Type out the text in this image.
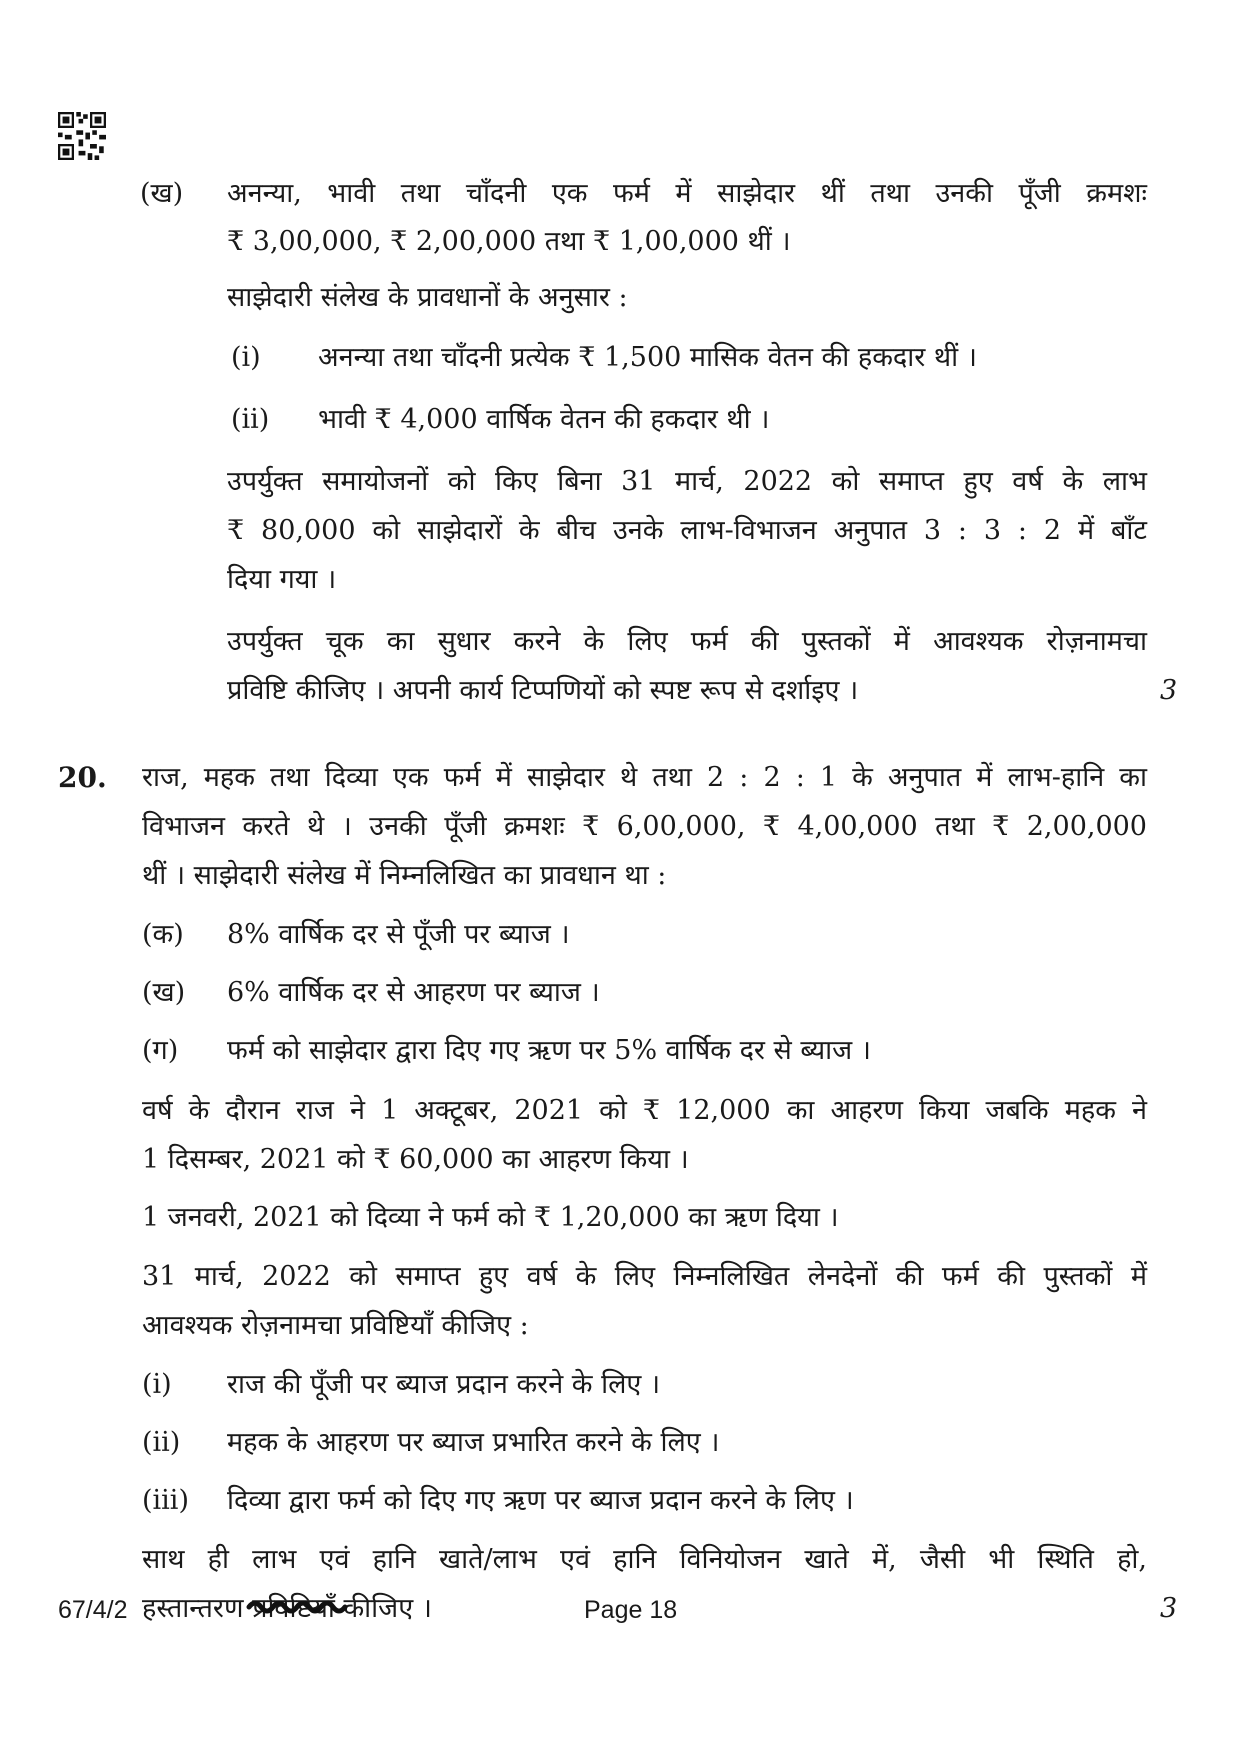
(ख) अनन्या, भावी तथा चाँदनी एक फर्म में साझेदार थीं तथा उनकी पूँजी क्रमशः
₹ 3,00,000, ₹ 2,00,000 तथा ₹ 1,00,000 थीं ।
साझेदारी संलेख के प्रावधानों के अनुसार :
(i) अनन्या तथा चाँदनी प्रत्येक ₹ 1,500 मासिक वेतन की हकदार थीं ।
(ii) भावी ₹ 4,000 वार्षिक वेतन की हकदार थी ।
उपर्युक्त समायोजनों को किए बिना 31 मार्च, 2022 को समाप्त हुए वर्ष के लाभ
₹ 80,000 को साझेदारों के बीच उनके लाभ-विभाजन अनुपात 3 : 3 : 2 में बाँट
दिया गया ।
उपर्युक्त चूक का सुधार करने के लिए फर्म की पुस्तकों में आवश्यक रोज़नामचा
प्रविष्टि कीजिए । अपनी कार्य टिप्पणियों को स्पष्ट रूप से दर्शाइए ।	3
20. राज, महक तथा दिव्या एक फर्म में साझेदार थे तथा 2 : 2 : 1 के अनुपात में लाभ-हानि का
विभाजन करते थे । उनकी पूँजी क्रमशः ₹ 6,00,000, ₹ 4,00,000 तथा ₹ 2,00,000
थीं । साझेदारी संलेख में निम्नलिखित का प्रावधान था :
(क) 8% वार्षिक दर से पूँजी पर ब्याज ।
(ख) 6% वार्षिक दर से आहरण पर ब्याज ।
(ग) फर्म को साझेदार द्वारा दिए गए ऋण पर 5% वार्षिक दर से ब्याज ।
वर्ष के दौरान राज ने 1 अक्टूबर, 2021 को ₹ 12,000 का आहरण किया जबकि महक ने
1 दिसम्बर, 2021 को ₹ 60,000 का आहरण किया ।
1 जनवरी, 2021 को दिव्या ने फर्म को ₹ 1,20,000 का ऋण दिया ।
31 मार्च, 2022 को समाप्त हुए वर्ष के लिए निम्नलिखित लेनदेनों की फर्म की पुस्तकों में
आवश्यक रोज़नामचा प्रविष्टियाँ कीजिए :
(i) राज की पूँजी पर ब्याज प्रदान करने के लिए ।
(ii) महक के आहरण पर ब्याज प्रभारित करने के लिए ।
(iii) दिव्या द्वारा फर्म को दिए गए ऋण पर ब्याज प्रदान करने के लिए ।
साथ ही लाभ एवं हानि खाते/लाभ एवं हानि विनियोजन खाते में, जैसी भी स्थिति हो,
हस्तान्तरण प्रविष्टियाँ कीजिए ।	3
67/4/2	Page 18
